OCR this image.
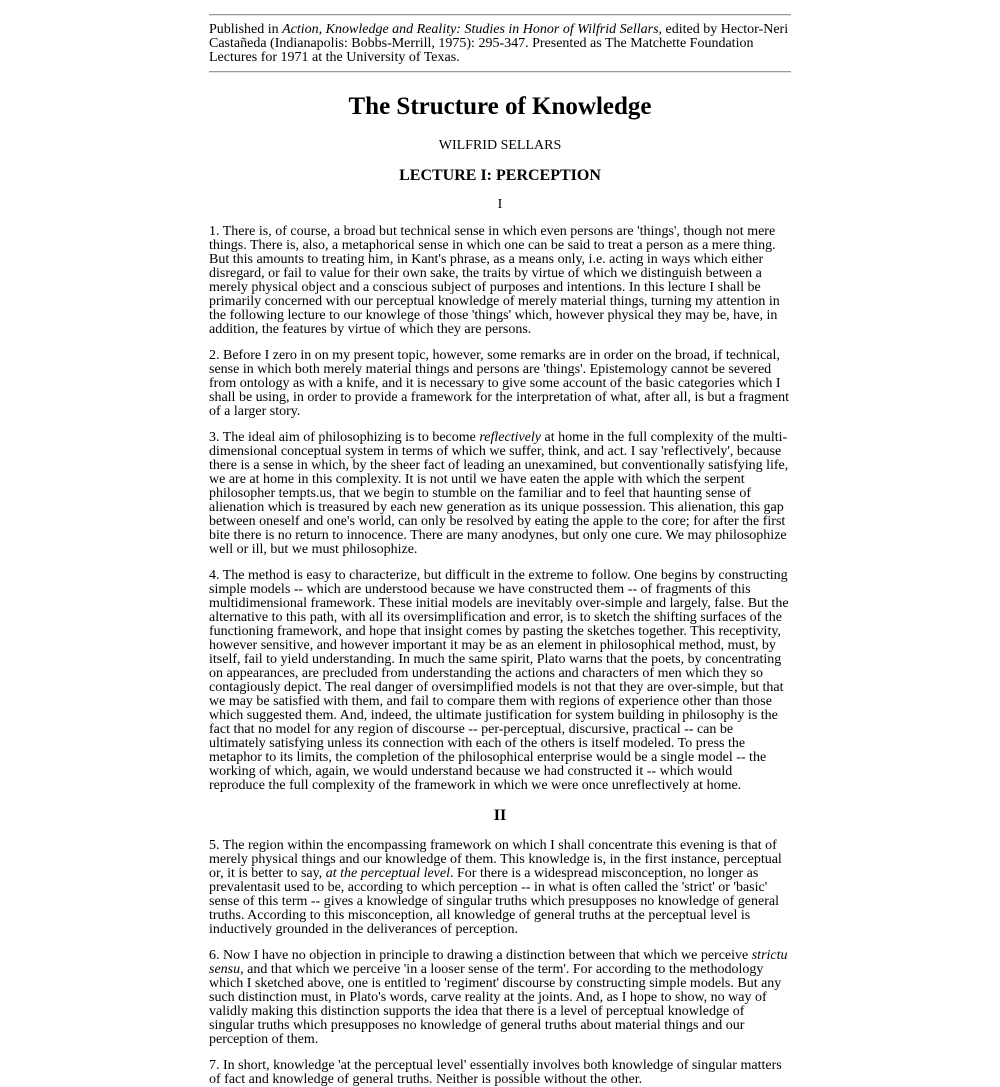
Published in Action, Knowledge and Reality: Studies in Honor of Wilfrid Sellars, edited by Hector-Neri Castañeda (Indianapolis: Bobbs-Merrill, 1975): 295-347. Presented as The Matchette Foundation Lectures for 1971 at the University of Texas.
The Structure of Knowledge
WILFRID SELLARS
LECTURE I: PERCEPTION
I

1. There is, of course, a broad but technical sense in which even persons are 'things', though not mere things. There is, also, a metaphorical sense in which one can be said to treat a person as a mere thing. But this amounts to treating him, in Kant's phrase, as a means only, i.e. acting in ways which either disregard, or fail to value for their own sake, the traits by virtue of which we distinguish between a merely physical object and a conscious subject of purposes and intentions. In this lecture I shall be primarily concerned with our perceptual knowledge of merely material things, turning my attention in the following lecture to our knowlege of those 'things' which, however physical they may be, have, in addition, the features by virtue of which they are persons.

2. Before I zero in on my present topic, however, some remarks are in order on the broad, if technical, sense in which both merely material things and persons are 'things'. Epistemology cannot be severed from ontology as with a knife, and it is necessary to give some account of the basic categories which I shall be using, in order to provide a framework for the interpretation of what, after all, is but a fragment of a larger story.

3. The ideal aim of philosophizing is to become reflectively at home in the full complexity of the multi-dimensional conceptual system in terms of which we suffer, think, and act. I say 'reflectively', because there is a sense in which, by the sheer fact of leading an unexamined, but conventionally satisfying life, we are at home in this complexity. It is not until we have eaten the apple with which the serpent philosopher tempts.us, that we begin to stumble on the familiar and to feel that haunting sense of alienation which is treasured by each new generation as its unique possession. This alienation, this gap between oneself and one's world, can only be resolved by eating the apple to the core; for after the first bite there is no return to innocence. There are many anodynes, but only one cure. We may philosophize well or ill, but we must philosophize.

4. The method is easy to characterize, but difficult in the extreme to follow. One begins by constructing simple models -- which are understood because we have constructed them -- of fragments of this multidimensional framework. These initial models are inevitably over-simple and largely, false. But the alternative to this path, with all its oversimplification and error, is to sketch the shifting surfaces of the functioning framework, and hope that insight comes by pasting the sketches together. This receptivity, however sensitive, and however important it may be as an element in philosophical method, must, by itself, fail to yield understanding. In much the same spirit, Plato warns that the poets, by concentrating on appearances, are precluded from understanding the actions and characters of men which they so contagiously depict. The real danger of oversimplified models is not that they are over-simple, but that we may be satisfied with them, and fail to compare them with regions of experience other than those which suggested them. And, indeed, the ultimate justification for system building in philosophy is the fact that no model for any region of discourse -- per-perceptual, discursive, practical -- can be ultimately satisfying unless its connection with each of the others is itself modeled. To press the metaphor to its limits, the completion of the philosophical enterprise would be a single model -- the working of which, again, we would understand because we had constructed it -- which would reproduce the full complexity of the framework in which we were once unreflectively at home.

II

5. The region within the encompassing framework on which I shall concentrate this evening is that of merely physical things and our knowledge of them. This knowledge is, in the first instance, perceptual or, it is better to say, at the perceptual level. For there is a widespread misconception, no longer as prevalentasit used to be, according to which perception -- in what is often called the 'strict' or 'basic' sense of this term -- gives a knowledge of singular truths which presupposes no knowledge of general truths. According to this misconception, all knowledge of general truths at the perceptual level is inductively grounded in the deliverances of perception.

6. Now I have no objection in principle to drawing a distinction between that which we perceive strictu sensu, and that which we perceive 'in a looser sense of the term'. For according to the methodology which I sketched above, one is entitled to 'regiment' discourse by constructing simple models. But any such distinction must, in Plato's words, carve reality at the joints. And, as I hope to show, no way of validly making this distinction supports the idea that there is a level of perceptual knowledge of singular truths which presupposes no knowledge of general truths about material things and our perception of them.

7. In short, knowledge 'at the perceptual level' essentially involves both knowledge of singular matters of fact and knowledge of general truths. Neither is possible without the other.
